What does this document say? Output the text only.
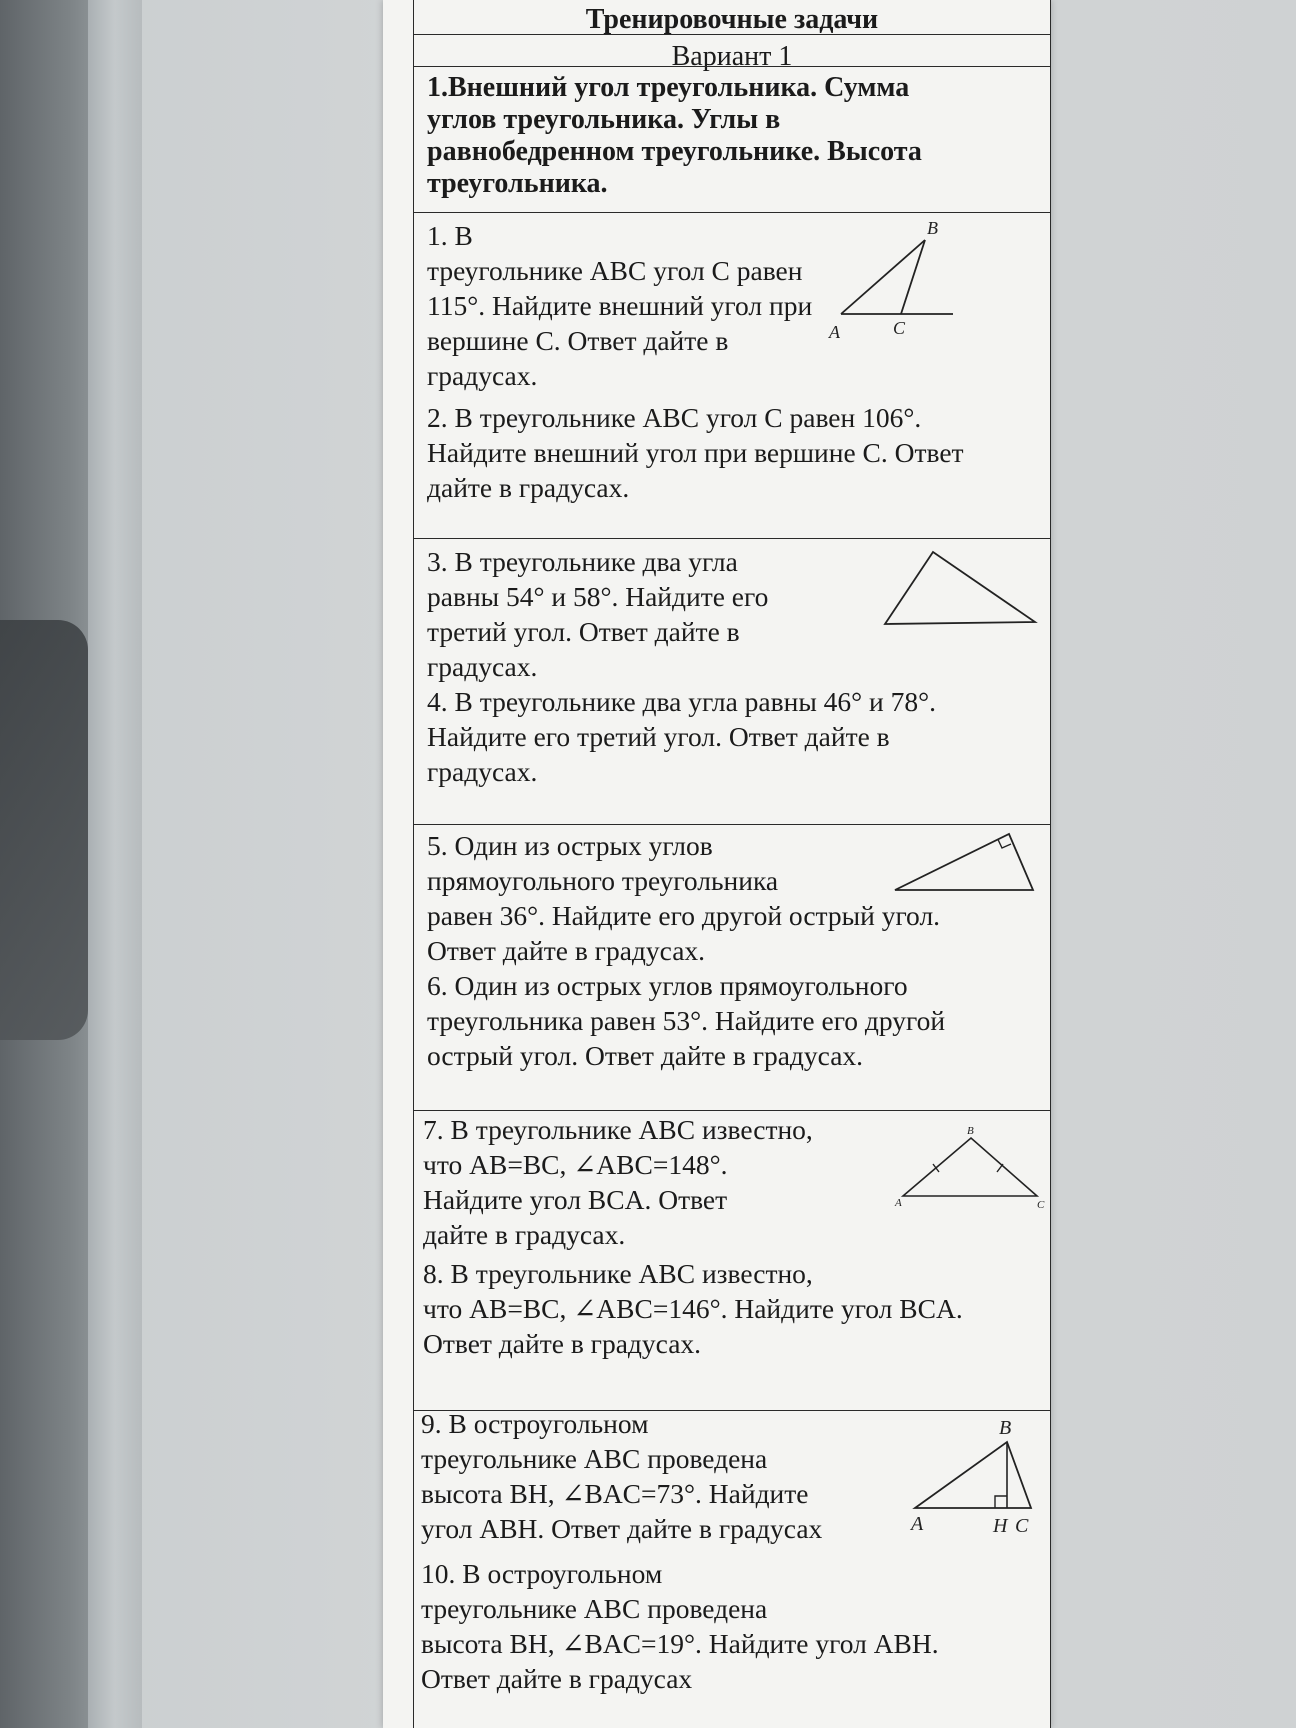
Тренировочные задачи
Вариант 1
1.Внешний угол треугольника. Сумма
углов треугольника. Углы в
равнобедренном треугольнике. Высота
треугольника.
1. В
треугольнике ABC угол C равен
115°. Найдите внешний угол при
вершине C. Ответ дайте в
градусах.
2. В треугольнике ABC угол C равен 106°.
Найдите внешний угол при вершине C. Ответ
дайте в градусах.
B
A	C
3. В треугольнике два угла
равны 54° и 58°. Найдите его
третий угол. Ответ дайте в
градусах.
4. В треугольнике два угла равны 46° и 78°.
Найдите его третий угол. Ответ дайте в
градусах.
5. Один из острых углов
прямоугольного треугольника
равен 36°. Найдите его другой острый угол.
Ответ дайте в градусах.
6. Один из острых углов прямоугольного
треугольника равен 53°. Найдите его другой
острый угол. Ответ дайте в градусах.
7. В треугольнике ABC известно,
что AB=BC, ∠ABC=148°.
Найдите угол BCA. Ответ
дайте в градусах.
8. В треугольнике ABC известно,
что AB=BC, ∠ABC=146°. Найдите угол BCA.
Ответ дайте в градусах.
B
A	C
9. В остроугольном
треугольнике ABC проведена
высота BH, ∠BAC=73°. Найдите
угол ABH. Ответ дайте в градусах
10. В остроугольном
треугольнике ABC проведена
высота BH, ∠BAC=19°. Найдите угол ABH.
Ответ дайте в градусах
B
A	H C
